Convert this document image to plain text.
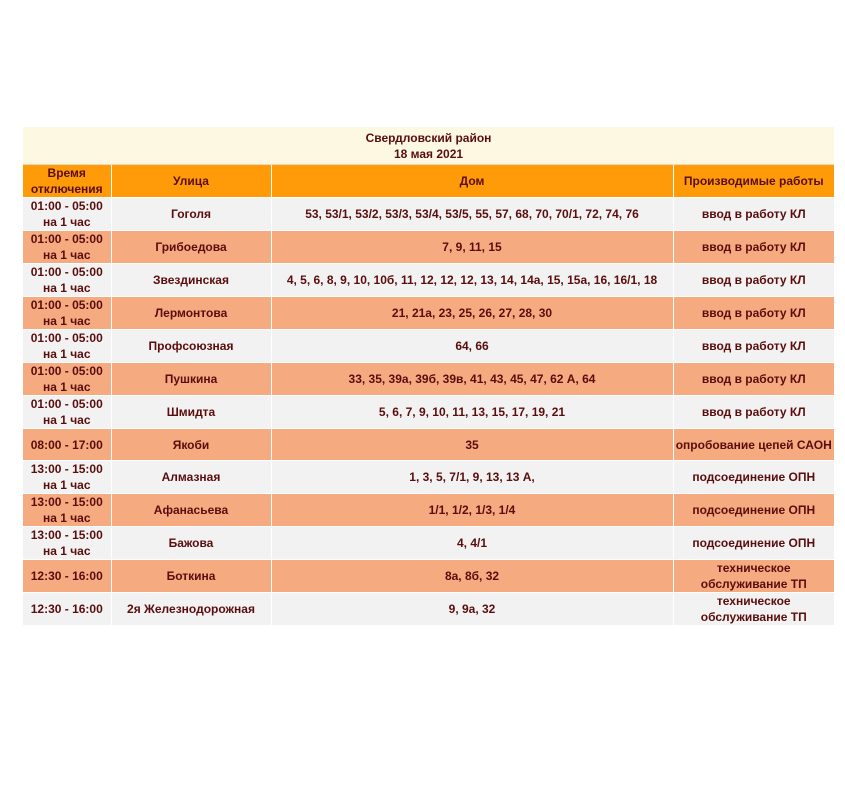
Свердловский район
18 мая 2021			

Время отключения	Улица	Дом	Производимые работы

01:00 - 05:00
на 1 час	Гоголя	53, 53/1, 53/2, 53/3, 53/4, 53/5, 55, 57, 68, 70, 70/1, 72, 74, 76	ввод в работу КЛ

01:00 - 05:00
на 1 час	Грибоедова	7, 9, 11, 15	ввод в работу КЛ

01:00 - 05:00
на 1 час	Звездинская	4, 5, 6, 8, 9, 10, 10б, 11, 12, 12, 12, 13, 14, 14а, 15, 15а, 16, 16/1, 18	ввод в работу КЛ

01:00 - 05:00
на 1 час	Лермонтова	21, 21а, 23, 25, 26, 27, 28, 30	ввод в работу КЛ

01:00 - 05:00
на 1 час	Профсоюзная	64, 66	ввод в работу КЛ

01:00 - 05:00
на 1 час	Пушкина	33, 35, 39а, 39б, 39в, 41, 43, 45, 47, 62 А, 64	ввод в работу КЛ

01:00 - 05:00
на 1 час	Шмидта	5, 6, 7, 9, 10, 11, 13, 15, 17, 19, 21	ввод в работу КЛ

08:00 - 17:00	Якоби	35	опробование цепей САОН

13:00 - 15:00
на 1 час	Алмазная	1, 3, 5, 7/1, 9, 13, 13 А,	подсоединение ОПН

13:00 - 15:00
на 1 час	Афанасьева	1/1, 1/2, 1/3, 1/4	подсоединение ОПН

13:00 - 15:00
на 1 час	Бажова	4, 4/1	подсоединение ОПН

12:30 - 16:00	Боткина	8а, 8б, 32	техническое обслуживание ТП

12:30 - 16:00	2я Железнодорожная	9, 9а, 32	техническое обслуживание ТП
